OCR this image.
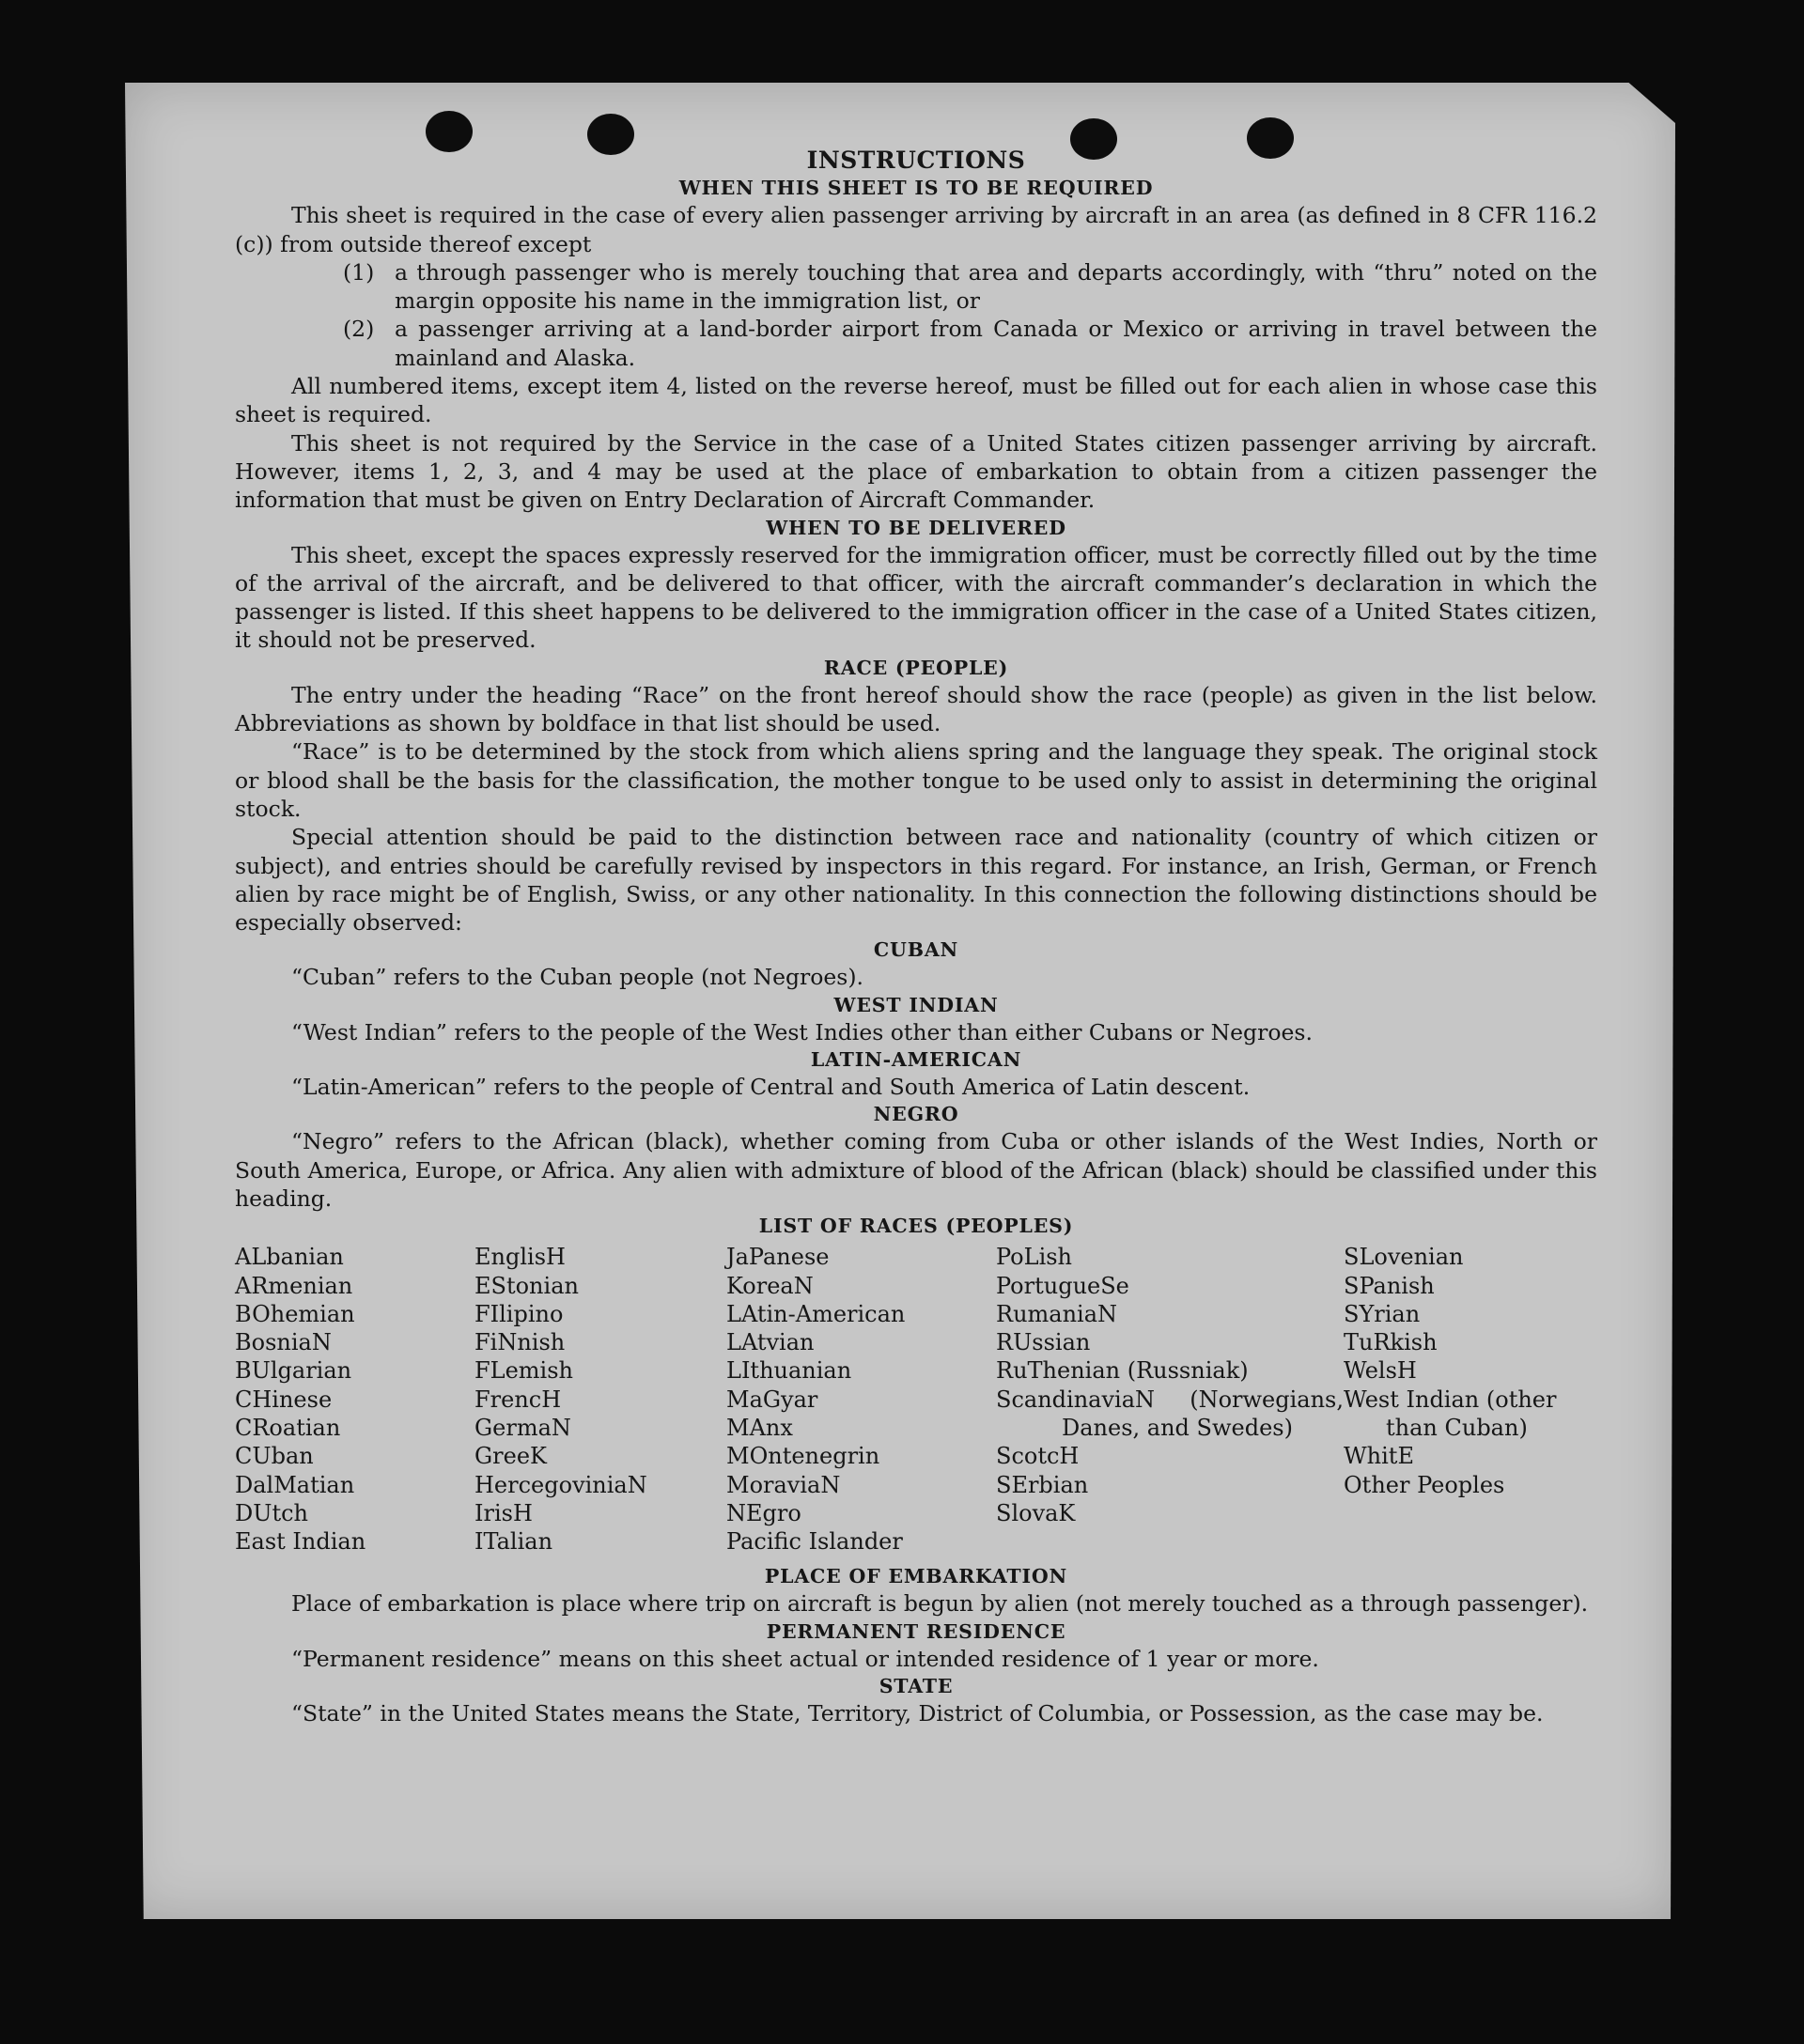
INSTRUCTIONS
WHEN THIS SHEET IS TO BE REQUIRED

This sheet is required in the case of every alien passenger arriving by aircraft in an area (as defined in 8 CFR 116.2 (c)) from outside thereof except

(1) a through passenger who is merely touching that area and departs accordingly, with “thru” noted on the margin opposite his name in the immigration list, or
(2) a passenger arriving at a land-border airport from Canada or Mexico or arriving in travel between the mainland and Alaska.

All numbered items, except item 4, listed on the reverse hereof, must be filled out for each alien in whose case this sheet is required.

This sheet is not required by the Service in the case of a United States citizen passenger arriving by aircraft. However, items 1, 2, 3, and 4 may be used at the place of embarkation to obtain from a citizen passenger the information that must be given on Entry Declaration of Aircraft Commander.

WHEN TO BE DELIVERED

This sheet, except the spaces expressly reserved for the immigration officer, must be correctly filled out by the time of the arrival of the aircraft, and be delivered to that officer, with the aircraft commander’s declaration in which the passenger is listed. If this sheet happens to be delivered to the immigration officer in the case of a United States citizen, it should not be preserved.

RACE (PEOPLE)

The entry under the heading “Race” on the front hereof should show the race (people) as given in the list below. Abbreviations as shown by boldface in that list should be used.

“Race” is to be determined by the stock from which aliens spring and the language they speak. The original stock or blood shall be the basis for the classification, the mother tongue to be used only to assist in determining the original stock.

Special attention should be paid to the distinction between race and nationality (country of which citizen or subject), and entries should be carefully revised by inspectors in this regard. For instance, an Irish, German, or French alien by race might be of English, Swiss, or any other nationality. In this connection the following distinctions should be especially observed:

CUBAN

“Cuban” refers to the Cuban people (not Negroes).

WEST INDIAN

“West Indian” refers to the people of the West Indies other than either Cubans or Negroes.

LATIN-AMERICAN

“Latin-American” refers to the people of Central and South America of Latin descent.

NEGRO

“Negro” refers to the African (black), whether coming from Cuba or other islands of the West Indies, North or South America, Europe, or Africa. Any alien with admixture of blood of the African (black) should be classified under this heading.

LIST OF RACES (PEOPLES)
ALbanian
ARmenian
BOhemian
BosniaN
BUlgarian
CHinese
CRoatian
CUban
DalMatian
DUtch
East Indian
EnglisH
EStonian
FIlipino
FiNnish
FLemish
FrencH
GermaN
GreeK
HercegoviniaN
IrisH
ITalian
JaPanese
KoreaN
LAtin-American
LAtvian
LIthuanian
MaGyar
MAnx
MOntenegrin
MoraviaN
NEgro
Pacific Islander
PoLish
PortugueSe
RumaniaN
RUssian
RuThenian (Russniak)

ScandinaviaN (Norwegians, Danes, and Swedes)

ScotcH
SErbian
SlovaK
SLovenian
SPanish
SYrian
TuRkish
WelsH

West Indian (other than Cuban)

WhitE
Other Peoples
PLACE OF EMBARKATION

Place of embarkation is place where trip on aircraft is begun by alien (not merely touched as a through passenger).

PERMANENT RESIDENCE

“Permanent residence” means on this sheet actual or intended residence of 1 year or more.

STATE

“State” in the United States means the State, Territory, District of Columbia, or Possession, as the case may be.
